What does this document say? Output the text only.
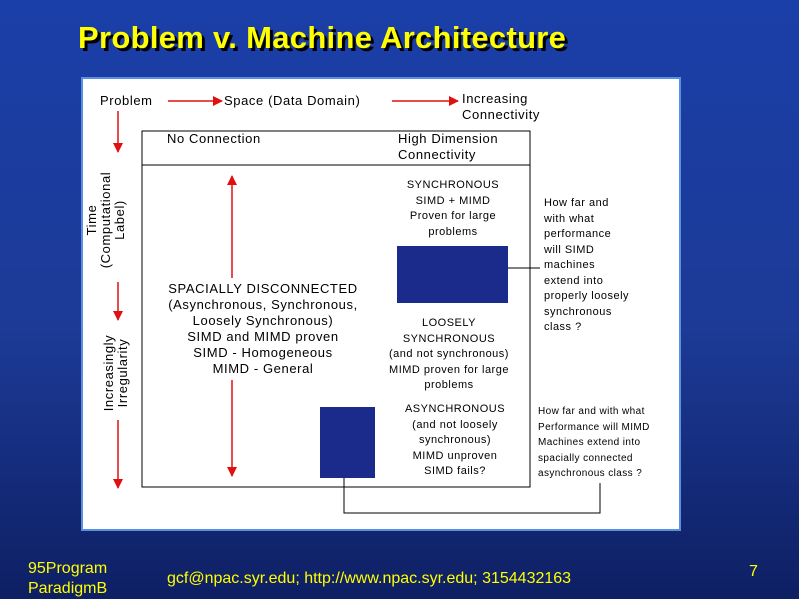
Problem v. Machine Architecture
Problem	Space (Data Domain)	Increasing
Connectivity
No Connection	High Dimension
Connectivity
Time (Computational Label)
Increasingly Irregularity
SPACIALLY DISCONNECTED
(Asynchronous, Synchronous,
Loosely Synchronous)
SIMD and MIMD proven
SIMD - Homogeneous
MIMD - General
SYNCHRONOUS
SIMD + MIMD
Proven for large
problems
LOOSELY
SYNCHRONOUS
(and not synchronous)
MIMD proven for large
problems
ASYNCHRONOUS
(and not loosely
synchronous)
MIMD unproven
SIMD fails?
How far and
with what
performance
will SIMD
machines
extend into
properly loosely
synchronous
class ?
How far and with what
Performance will MIMD
Machines extend into
spacially connected
asynchronous class ?
95Program
ParadigmB
gcf@npac.syr.edu; http://www.npac.syr.edu; 3154432163	7
